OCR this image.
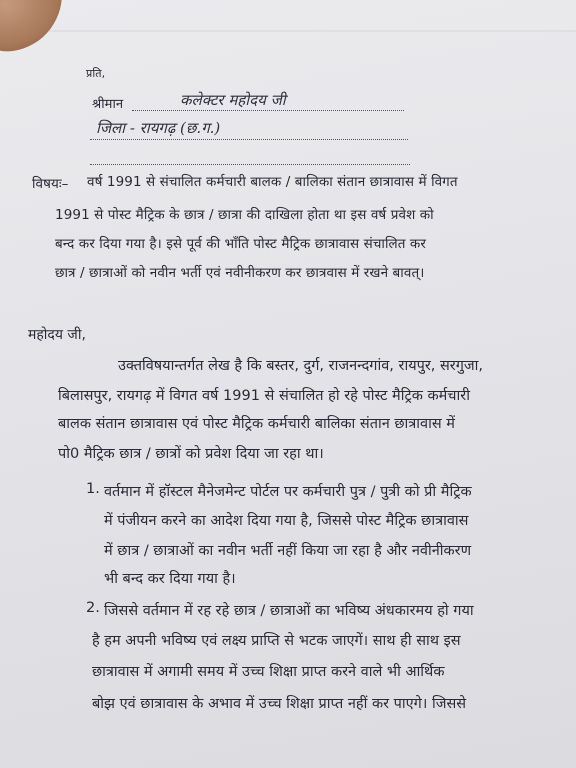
प्रति,
श्रीमान	कलेक्टर महोदय जी
जिला - रायगढ़ (छ.ग.)
विषयः– वर्ष 1991 से संचालित कर्मचारी बालक / बालिका संतान छात्रावास में विगत
1991 से पोस्ट मैट्रिक के छात्र / छात्रा की दाखिला होता था इस वर्ष प्रवेश को
बन्द कर दिया गया है। इसे पूर्व की भाँति पोस्ट मैट्रिक छात्रावास संचालित कर
छात्र / छात्राओं को नवीन भर्ती एवं नवीनीकरण कर छात्रवास में रखने बावत्।
महोदय जी,
उक्तविषयान्तर्गत लेख है कि बस्तर, दुर्ग, राजनन्दगांव, रायपुर, सरगुजा,
बिलासपुर, रायगढ़ में विगत वर्ष 1991 से संचालित हो रहे पोस्ट मैट्रिक कर्मचारी
बालक संतान छात्रावास एवं पोस्ट मैट्रिक कर्मचारी बालिका संतान छात्रावास में
पो0 मैट्रिक छात्र / छात्रों को प्रवेश दिया जा रहा था।
1. वर्तमान में हॉस्टल मैनेजमेन्ट पोर्टल पर कर्मचारी पुत्र / पुत्री को प्री मैट्रिक
में पंजीयन करने का आदेश दिया गया है, जिससे पोस्ट मैट्रिक छात्रावास
में छात्र / छात्राओं का नवीन भर्ती नहीं किया जा रहा है और नवीनीकरण
भी बन्द कर दिया गया है।
2. जिससे वर्तमान में रह रहे छात्र / छात्राओं का भविष्य अंधकारमय हो गया
है हम अपनी भविष्य एवं लक्ष्य प्राप्ति से भटक जाएगें। साथ ही साथ इस
छात्रावास में अगामी समय में उच्च शिक्षा प्राप्त करने वाले भी आर्थिक
बोझ एवं छात्रावास के अभाव में उच्च शिक्षा प्राप्त नहीं कर पाएगे। जिससे
